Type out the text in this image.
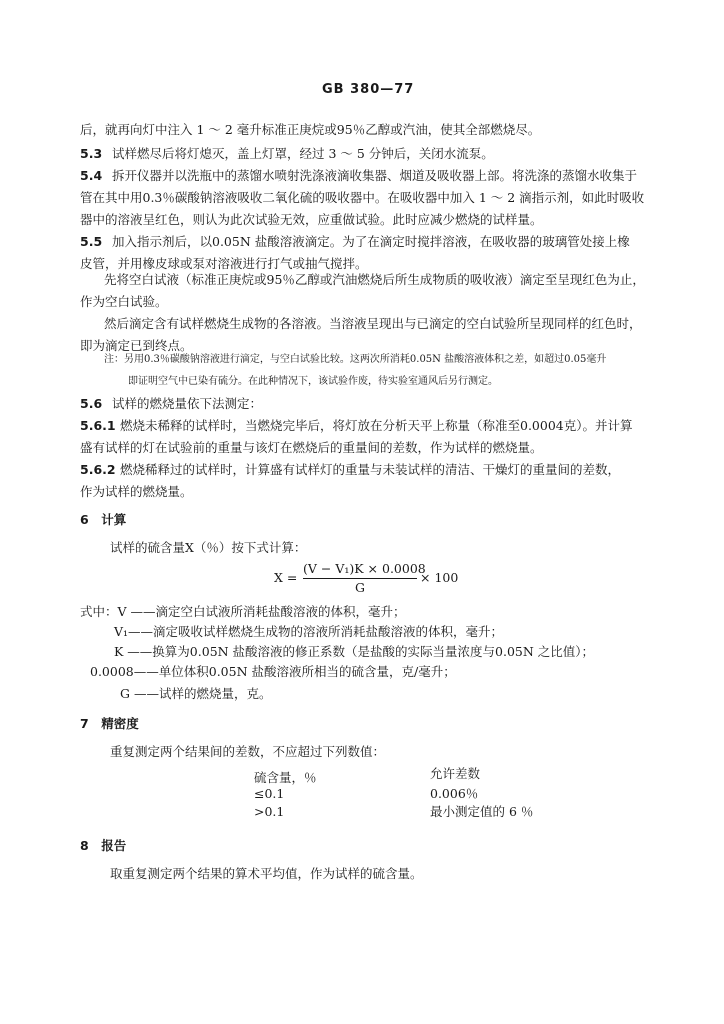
GB 380—77
后，就再向灯中注入 1 ～ 2 毫升标准正庚烷或95％乙醇或汽油，使其全部燃烧尽。
5.3 试样燃尽后将灯熄灭，盖上灯罩，经过 3 ～ 5 分钟后，关闭水流泵。
5.4 拆开仪器并以洗瓶中的蒸馏水喷射洗涤液滴收集器、烟道及吸收器上部。将洗涤的蒸馏水收集于
管在其中用0.3％碳酸钠溶液吸收二氧化硫的吸收器中。在吸收器中加入 1 ～ 2 滴指示剂，如此时吸收
器中的溶液呈红色，则认为此次试验无效，应重做试验。此时应减少燃烧的试样量。
5.5 加入指示剂后，以0.05N 盐酸溶液滴定。为了在滴定时搅拌溶液，在吸收器的玻璃管处接上橡
皮管，并用橡皮球或泵对溶液进行打气或抽气搅拌。
先将空白试液（标准正庚烷或95％乙醇或汽油燃烧后所生成物质的吸收液）滴定至呈现红色为止，
作为空白试验。
然后滴定含有试样燃烧生成物的各溶液。当溶液呈现出与已滴定的空白试验所呈现同样的红色时，
即为滴定已到终点。
注：另用0.3％碳酸钠溶液进行滴定，与空白试验比较。这两次所消耗0.05N 盐酸溶液体积之差，如超过0.05毫升
即证明空气中已染有硫分。在此种情况下，该试验作废，待实验室通风后另行测定。
5.6 试样的燃烧量依下法测定：
5.6.1 燃烧未稀释的试样时，当燃烧完毕后，将灯放在分析天平上称量（称准至0.0004克）。并计算
盛有试样的灯在试验前的重量与该灯在燃烧后的重量间的差数，作为试样的燃烧量。
5.6.2 燃烧稀释过的试样时，计算盛有试样灯的重量与未装试样的清洁、干燥灯的重量间的差数，
作为试样的燃烧量。
6　计算
试样的硫含量X（％）按下式计算：
X =
(V − V₁)K × 0.0008
G
× 100
式中：V ——滴定空白试液所消耗盐酸溶液的体积，毫升；
V₁——滴定吸收试样燃烧生成物的溶液所消耗盐酸溶液的体积，毫升；
K ——换算为0.05N 盐酸溶液的修正系数（是盐酸的实际当量浓度与0.05N 之比值）；
0.0008——单位体积0.05N 盐酸溶液所相当的硫含量，克/毫升；
G ——试样的燃烧量，克。
7　精密度
重复测定两个结果间的差数，不应超过下列数值：
硫含量，％	允许差数
≤0.1	0.006％
>0.1	最小测定值的 6 ％
8　报告
取重复测定两个结果的算术平均值，作为试样的硫含量。
